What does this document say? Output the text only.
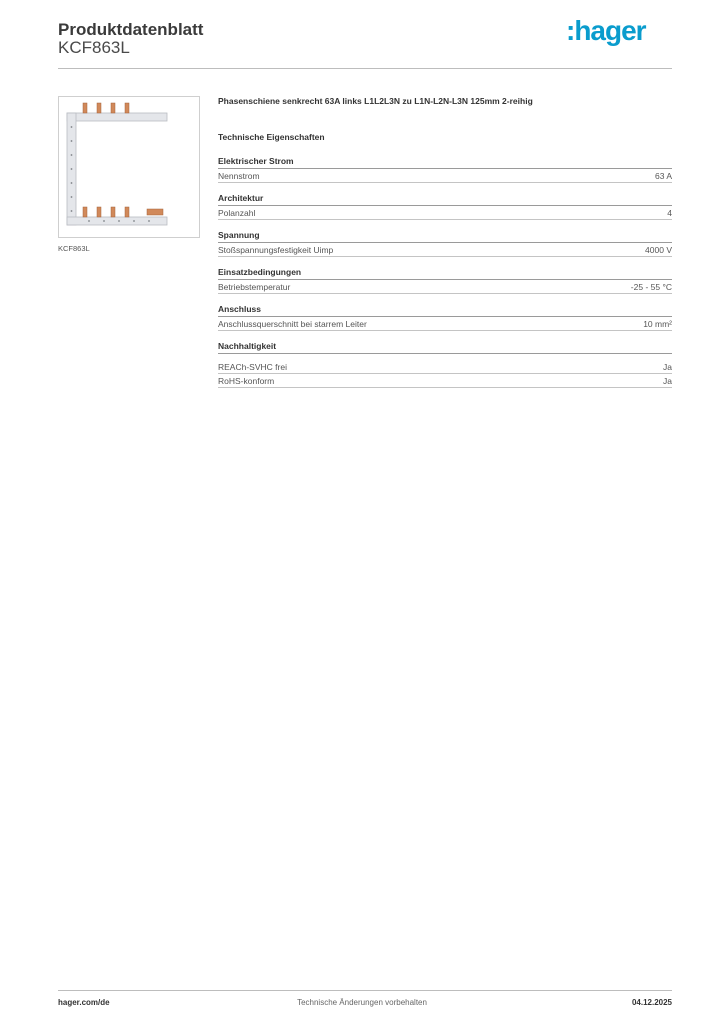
Produktdatenblatt
KCF863L
:hager
KCF863L

Phasenschiene senkrecht 63A links L1L2L3N zu L1N-L2N-L3N 125mm 2-reihig

Technische Eigenschaften
Elektrischer Strom
Nennstrom	63 A
Architektur
Polanzahl	4
Spannung
Stoßspannungsfestigkeit Uimp	4000 V
Einsatzbedingungen
Betriebstemperatur	-25 - 55 °C
Anschluss
Anschlussquerschnitt bei starrem Leiter	10 mm²
Nachhaltigkeit
REACh-SVHC frei	Ja
RoHS-konform	Ja
hager.com/de	Technische Änderungen vorbehalten	04.12.2025
